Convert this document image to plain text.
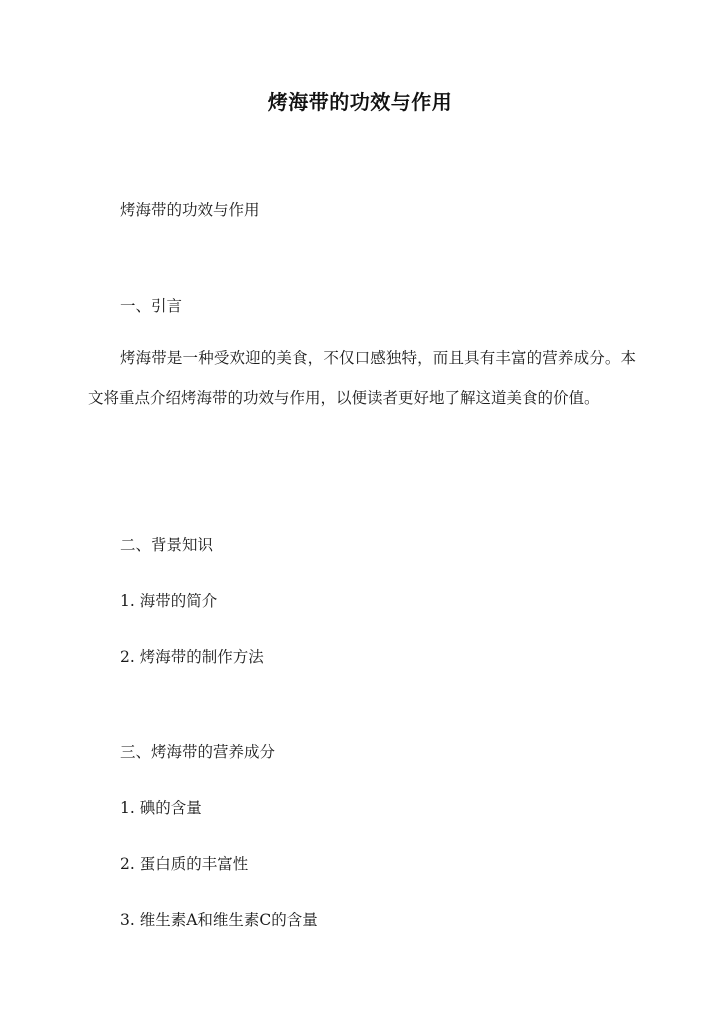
烤海带的功效与作用
烤海带的功效与作用
一、引言
烤海带是一种受欢迎的美食，不仅口感独特，而且具有丰富的营养成分。本文将重点介绍烤海带的功效与作用，以便读者更好地了解这道美食的价值。
二、背景知识
1. 海带的简介
2. 烤海带的制作方法
三、烤海带的营养成分
1. 碘的含量
2. 蛋白质的丰富性
3. 维生素A和维生素C的含量
